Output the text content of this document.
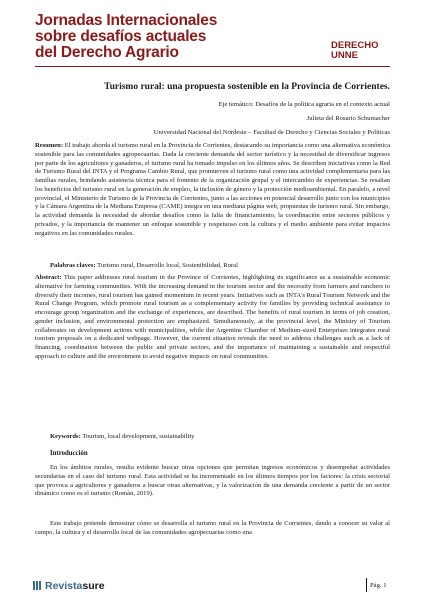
Jornadas Internacionales
sobre desafíos actuales
del Derecho Agrario	DERECHO
UNNE
Turismo rural: una propuesta sostenible en la Provincia de Corrientes.
Eje temático: Desafíos de la política agraria en el contexto actual
Julieta del Rosario Schumacher
Universidad Nacional del Nordeste – Facultad de Derecho y Ciencias Sociales y Políticas
Resumen: El trabajo aborda el turismo rural en la Provincia de Corrientes, destacando su importancia como una alternativa económica sostenible para las comunidades agropecuarias. Dada la creciente demanda del sector turístico y la necesidad de diversificar ingresos por parte de los agricultores y ganaderos, el turismo rural ha tomado impulso en los últimos años. Se describen iniciativas como la Red de Turismo Rural del INTA y el Programa Cambio Rural, que promueven el turismo rural como una actividad complementaria para las familias rurales, brindando asistencia técnica para el fomento de la organización grupal y el intercambio de experiencias. Se resaltan los beneficios del turismo rural en la generación de empleo, la inclusión de género y la protección medioambiental. En paralelo, a nivel provincial, el Ministerio de Turismo de la Provincia de Corrientes, junto a las acciones en potencial desarrollo junto con los municipios y la Cámara Argentina de la Mediana Empresa (CAME) integra en una mediana página web, propuestas de turismo rural. Sin embargo, la actividad demanda la necesidad de abordar desafíos como la falta de financiamiento, la coordinación entre sectores públicos y privados, y la importancia de mantener un enfoque sostenible y respetuoso con la cultura y el medio ambiente para evitar impactos negativos en las comunidades rurales.
Palabras claves: Turismo rural, Desarrollo local, Sostenibilidad, Rural
Abstract: This paper addresses rural tourism in the Province of Corrientes, highlighting its significance as a sustainable economic alternative for farming communities. With the increasing demand in the tourism sector and the necessity from farmers and ranchers to diversify their incomes, rural tourism has gained momentum in recent years. Initiatives such as INTA's Rural Tourism Network and the Rural Change Program, which promote rural tourism as a complementary activity for families by providing technical assistance to encourage group organization and the exchange of experiences, are described. The benefits of rural tourism in terms of job creation, gender inclusion, and environmental protection are emphasized. Simultaneously, at the provincial level, the Ministry of Tourism collaborates on development actions with municipalities, while the Argentine Chamber of Medium-sized Enterprises integrates rural tourism proposals on a dedicated webpage. However, the current situation reveals the need to address challenges such as a lack of financing, coordination between the public and private sectors, and the importance of maintaining a sustainable and respectful approach to culture and the environment to avoid negative impacts on rural communities.
Keywords: Tourism, local development, sustainability
Introducción
En los ámbitos rurales, resulta evidente buscar otras opciones que permitan ingresos económicos y desempeñar actividades secundarias en el caso del turismo rural. Esta actividad se ha incrementado en los últimos tiempos por los factores: la crisis sectorial que provoca a agricultores y ganaderos a buscar otras alternativas, y la valorización de una demanda creciente a partir de un sector dinámico como es el turismo (Román, 2019).
Este trabajo pretende demostrar cómo se desarrolla el turismo rural en la Provincia de Corrientes, dando a conocer su valor al campo, la cultura y el desarrollo local de las comunidades agropecuarias como una
Revistasure	Pág. 1
